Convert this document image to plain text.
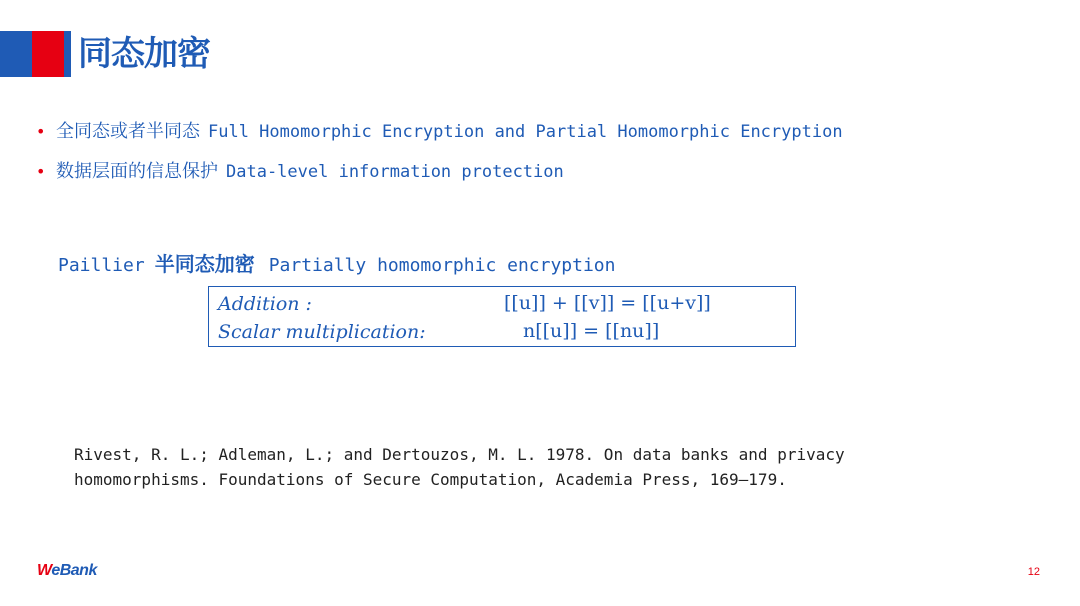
同态加密
• 全同态或者半同态 Full Homomorphic Encryption and Partial Homomorphic Encryption
• 数据层面的信息保护 Data-level information protection
Paillier 半同态加密 Partially homomorphic encryption
Addition :
Scalar multiplication:
[[u]] + [[v]] = [[u+v]]
n[[u]] = [[nu]]
Rivest, R. L.; Adleman, L.; and Dertouzos, M. L. 1978. On data banks and privacy homomorphisms. Foundations of Secure Computation, Academia Press, 169–179.
WeBank	12
